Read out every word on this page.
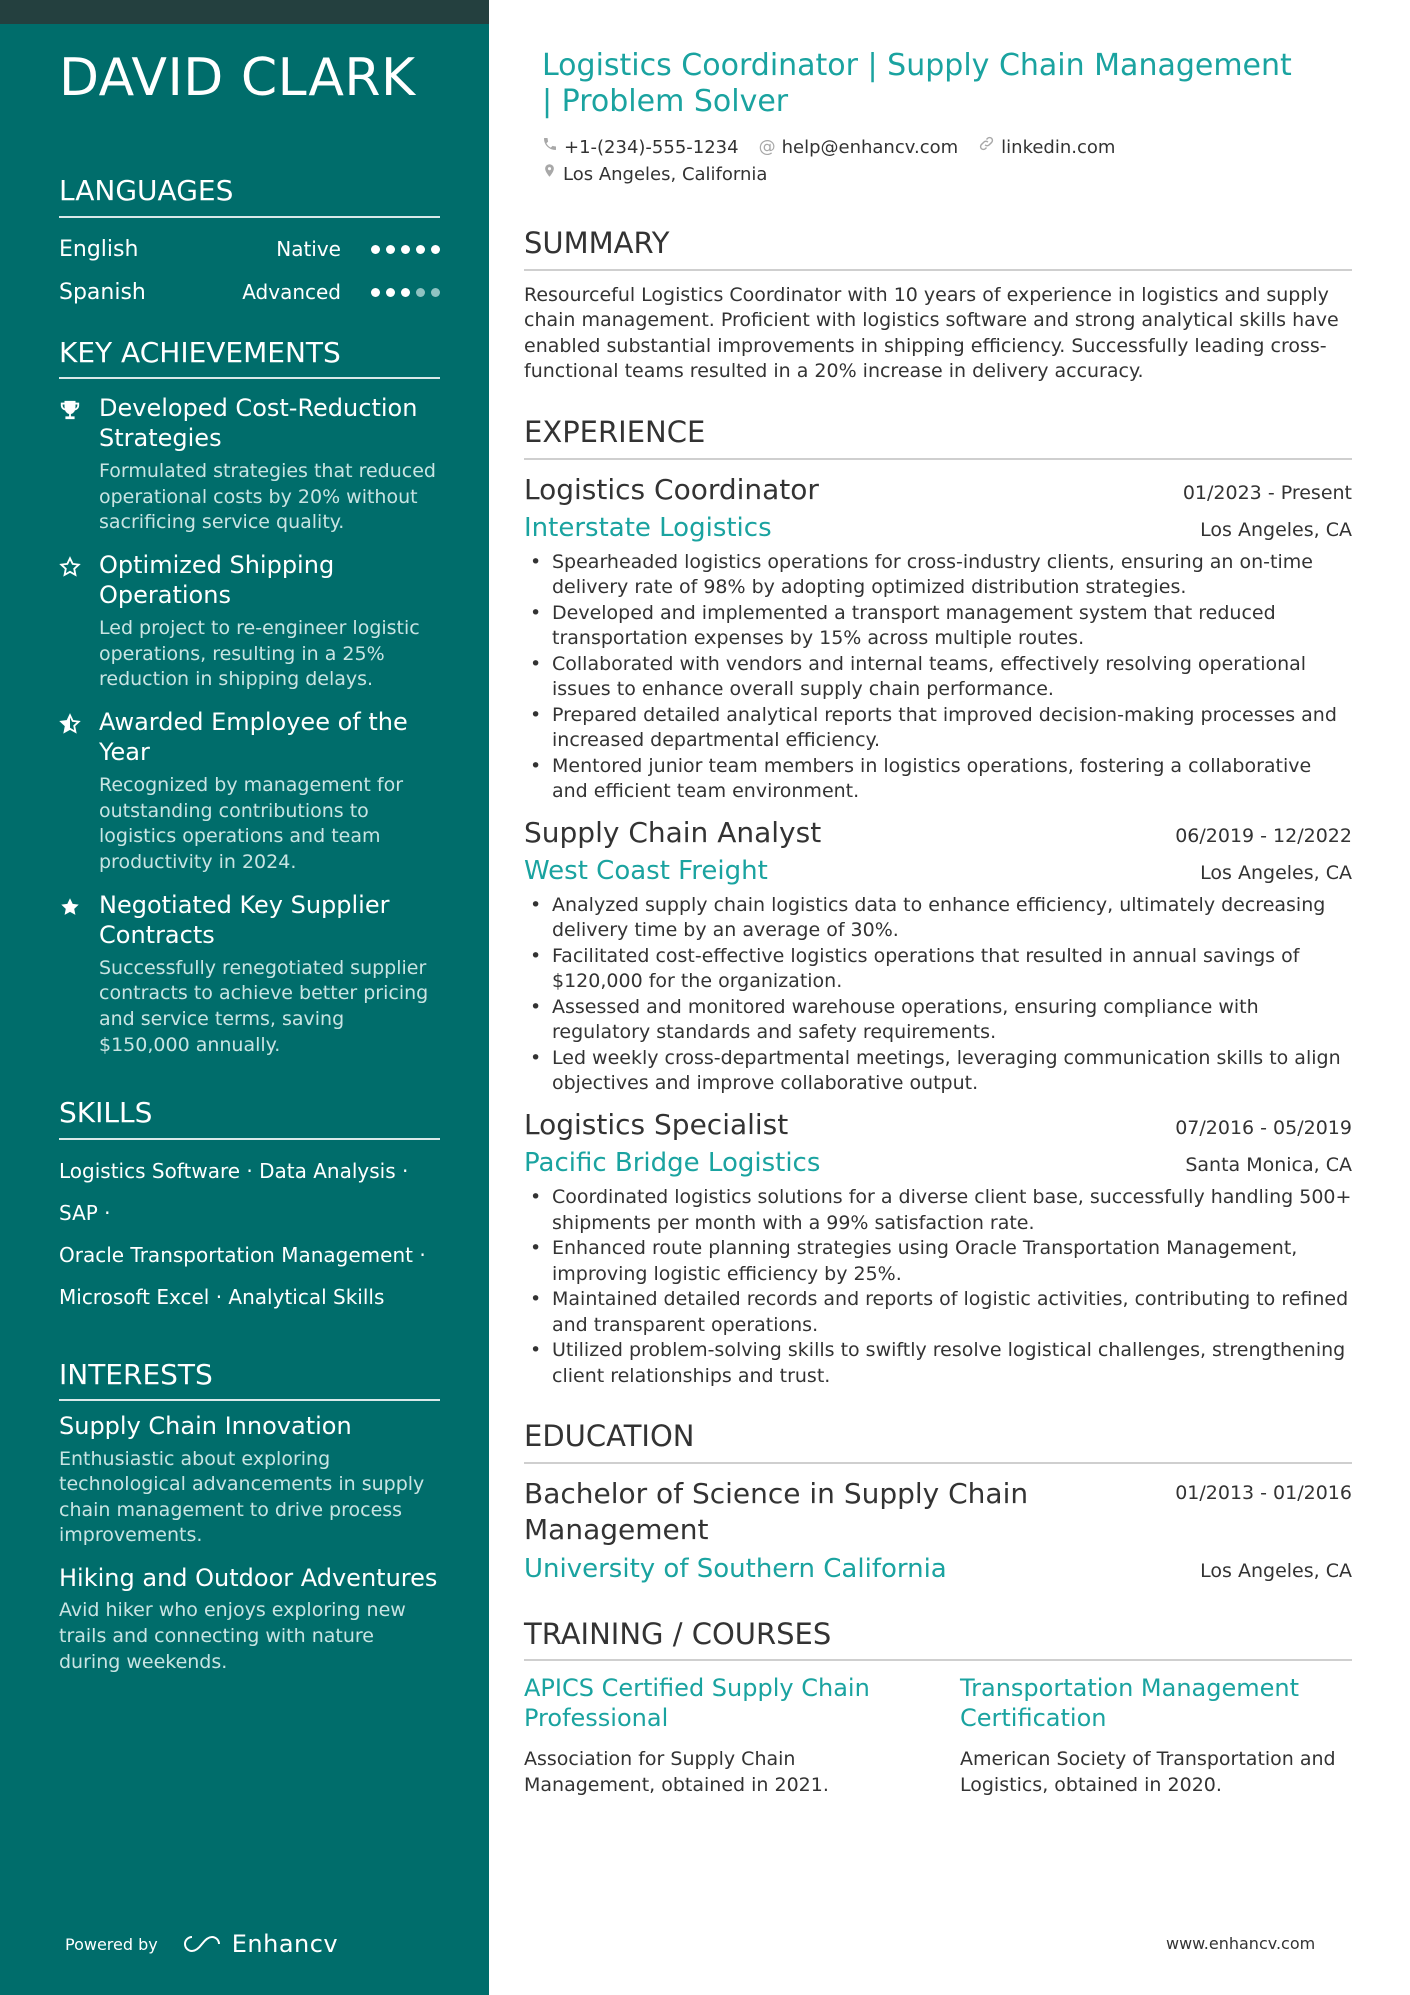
DAVID CLARK
LANGUAGES
English	Native
Spanish	Advanced
KEY ACHIEVEMENTS
Developed Cost-Reduction Strategies
Formulated strategies that reduced operational costs by 20% without sacrificing service quality.
Optimized Shipping Operations
Led project to re-engineer logistic operations, resulting in a 25% reduction in shipping delays.
Awarded Employee of the Year
Recognized by management for outstanding contributions to logistics operations and team productivity in 2024.
Negotiated Key Supplier Contracts
Successfully renegotiated supplier contracts to achieve better pricing and service terms, saving $150,000 annually.
SKILLS
Logistics Software · Data Analysis ·
SAP ·
Oracle Transportation Management ·
Microsoft Excel · Analytical Skills
INTERESTS
Supply Chain Innovation
Enthusiastic about exploring technological advancements in supply chain management to drive process improvements.
Hiking and Outdoor Adventures
Avid hiker who enjoys exploring new trails and connecting with nature during weekends.
Powered by	Enhancv
Logistics Coordinator | Supply Chain Management | Problem Solver
+1-(234)-555-1234 @ help@enhancv.com linkedin.com
Los Angeles, California
SUMMARY
Resourceful Logistics Coordinator with 10 years of experience in logistics and supply chain management. Proficient with logistics software and strong analytical skills have enabled substantial improvements in shipping efficiency. Successfully leading cross-functional teams resulted in a 20% increase in delivery accuracy.
EXPERIENCE
Logistics Coordinator	01/2023 - Present
Interstate Logistics	Los Angeles, CA
• Spearheaded logistics operations for cross-industry clients, ensuring an on-time delivery rate of 98% by adopting optimized distribution strategies.
• Developed and implemented a transport management system that reduced transportation expenses by 15% across multiple routes.
• Collaborated with vendors and internal teams, effectively resolving operational issues to enhance overall supply chain performance.
• Prepared detailed analytical reports that improved decision-making processes and increased departmental efficiency.
• Mentored junior team members in logistics operations, fostering a collaborative and efficient team environment.
Supply Chain Analyst	06/2019 - 12/2022
West Coast Freight	Los Angeles, CA
• Analyzed supply chain logistics data to enhance efficiency, ultimately decreasing delivery time by an average of 30%.
• Facilitated cost-effective logistics operations that resulted in annual savings of $120,000 for the organization.
• Assessed and monitored warehouse operations, ensuring compliance with regulatory standards and safety requirements.
• Led weekly cross-departmental meetings, leveraging communication skills to align objectives and improve collaborative output.
Logistics Specialist	07/2016 - 05/2019
Pacific Bridge Logistics	Santa Monica, CA
• Coordinated logistics solutions for a diverse client base, successfully handling 500+ shipments per month with a 99% satisfaction rate.
• Enhanced route planning strategies using Oracle Transportation Management, improving logistic efficiency by 25%.
• Maintained detailed records and reports of logistic activities, contributing to refined and transparent operations.
• Utilized problem-solving skills to swiftly resolve logistical challenges, strengthening client relationships and trust.
EDUCATION
Bachelor of Science in Supply Chain Management
01/2013 - 01/2016
University of Southern California	Los Angeles, CA
TRAINING / COURSES
APICS Certified Supply Chain Professional
Association for Supply Chain Management, obtained in 2021.
Transportation Management Certification
American Society of Transportation and Logistics, obtained in 2020.
www.enhancv.com
